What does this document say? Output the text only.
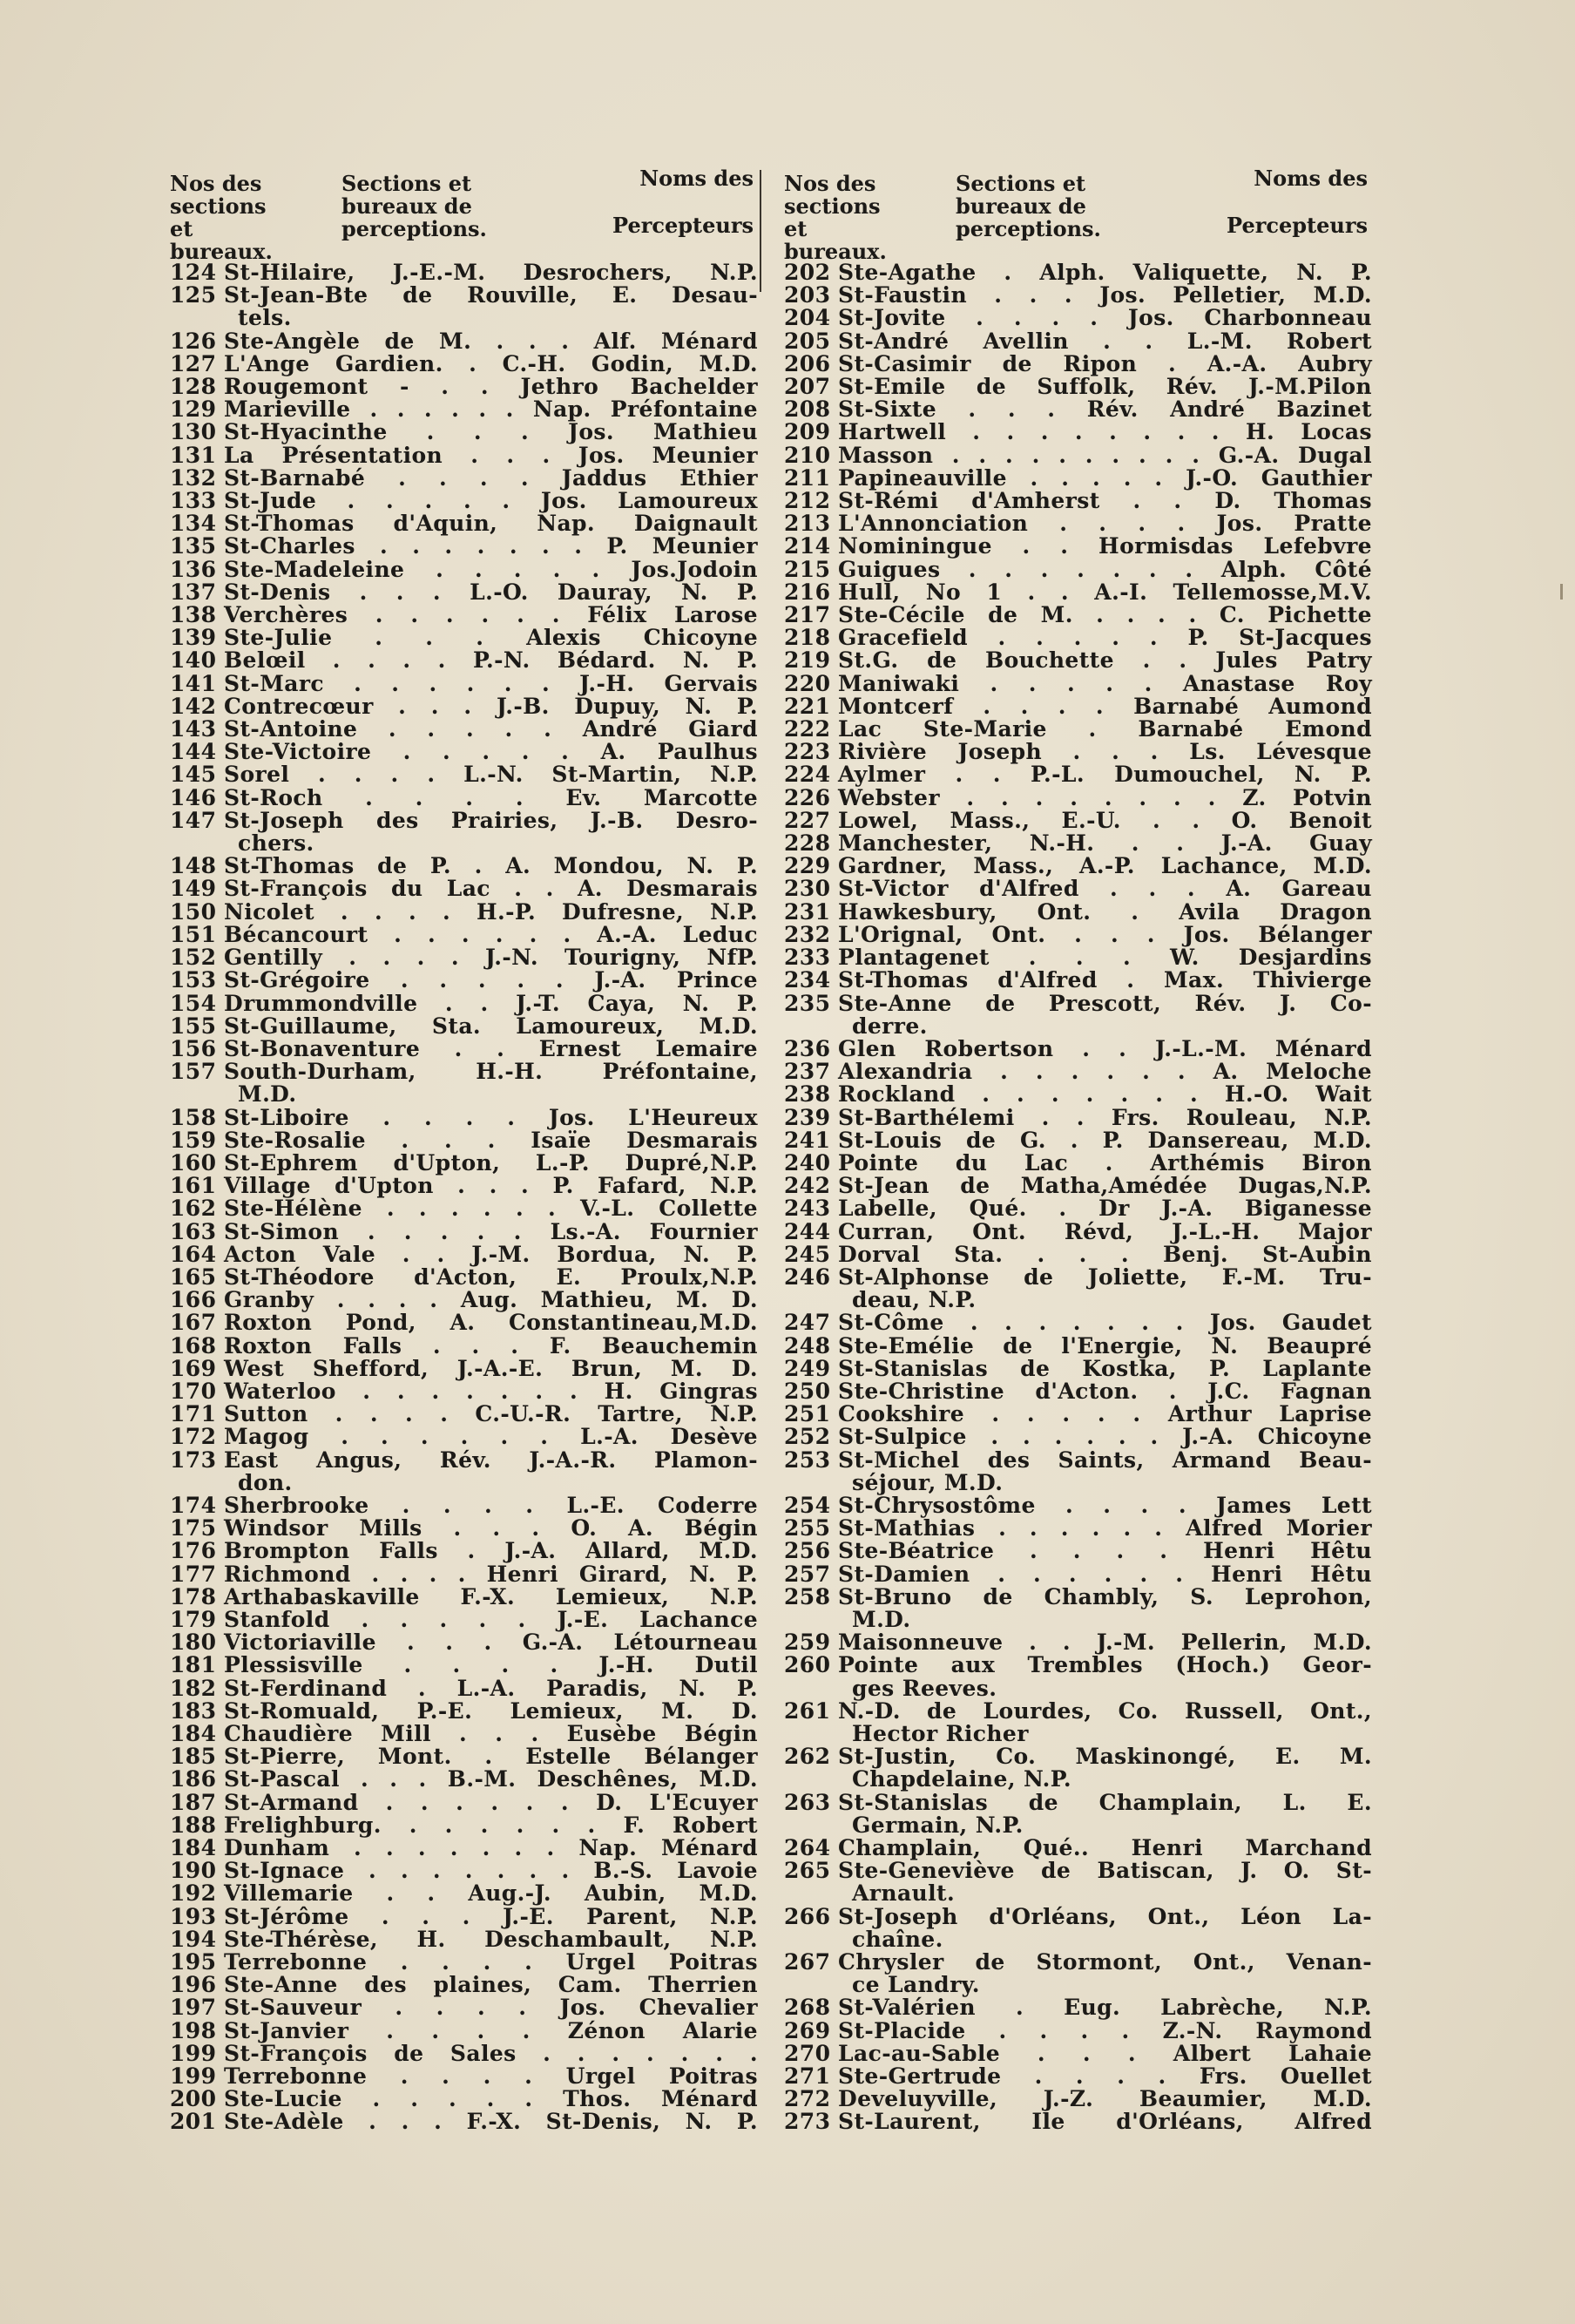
Nos des sections et bureaux.
Sections et bureaux de perceptions.
Noms des
Percepteurs
124 St-Hilaire, J.-E.-M. Desrochers, N.P.
125 St-Jean-Bte de Rouville, E. Desau-
tels.
126 Ste-Angèle de M. . . . Alf. Ménard
127 L'Ange Gardien. . C.-H. Godin, M.D.
128 Rougemont - . . Jethro Bachelder
129 Marieville . . . . . . Nap. Préfontaine
130 St-Hyacinthe . . . Jos. Mathieu
131 La Présentation . . . Jos. Meunier
132 St-Barnabé . . . . Jaddus Ethier
133 St-Jude . . . . . Jos. Lamoureux
134 St-Thomas d'Aquin, Nap. Daignault
135 St-Charles . . . . . . . P. Meunier
136 Ste-Madeleine . . . . . Jos.Jodoin
137 St-Denis . . . L.-O. Dauray, N. P.
138 Verchères . . . . . . Félix Larose
139 Ste-Julie . . . Alexis Chicoyne
140 Belœil . . . . P.-N. Bédard. N. P.
141 St-Marc . . . . . . J.-H. Gervais
142 Contrecœur . . . J.-B. Dupuy, N. P.
143 St-Antoine . . . . . André Giard
144 Ste-Victoire . . . . . A. Paulhus
145 Sorel . . . . L.-N. St-Martin, N.P.
146 St-Roch . . . . Ev. Marcotte
147 St-Joseph des Prairies, J.-B. Desro-
chers.
148 St-Thomas de P. . A. Mondou, N. P.
149 St-François du Lac . . A. Desmarais
150 Nicolet . . . . H.-P. Dufresne, N.P.
151 Bécancourt . . . . . . A.-A. Leduc
152 Gentilly . . . . J.-N. Tourigny, NfP.
153 St-Grégoire . . . . . J.-A. Prince
154 Drummondville . . J.-T. Caya, N. P.
155 St-Guillaume, Sta. Lamoureux, M.D.
156 St-Bonaventure . . Ernest Lemaire
157 South-Durham, H.-H. Préfontaine,
M.D.
158 St-Liboire . . . . Jos. L'Heureux
159 Ste-Rosalie . . . Isaïe Desmarais
160 St-Ephrem d'Upton, L.-P. Dupré,N.P.
161 Village d'Upton . . . P. Fafard, N.P.
162 Ste-Hélène . . . . . . V.-L. Collette
163 St-Simon . . . . . Ls.-A. Fournier
164 Acton Vale . . J.-M. Bordua, N. P.
165 St-Théodore d'Acton, E. Proulx,N.P.
166 Granby . . . . Aug. Mathieu, M. D.
167 Roxton Pond, A. Constantineau,M.D.
168 Roxton Falls . . . F. Beauchemin
169 West Shefford, J.-A.-E. Brun, M. D.
170 Waterloo . . . . . . . H. Gingras
171 Sutton . . . . C.-U.-R. Tartre, N.P.
172 Magog . . . . . . L.-A. Desève
173 East Angus, Rév. J.-A.-R. Plamon-
don.
174 Sherbrooke . . . . L.-E. Coderre
175 Windsor Mills . . . O. A. Bégin
176 Brompton Falls . J.-A. Allard, M.D.
177 Richmond . . . . Henri Girard, N. P.
178 Arthabaskaville F.-X. Lemieux, N.P.
179 Stanfold . . . . . J.-E. Lachance
180 Victoriaville . . . G.-A. Létourneau
181 Plessisville . . . . J.-H. Dutil
182 St-Ferdinand . L.-A. Paradis, N. P.
183 St-Romuald, P.-E. Lemieux, M. D.
184 Chaudière Mill . . . Eusèbe Bégin
185 St-Pierre, Mont. . Estelle Bélanger
186 St-Pascal . . . B.-M. Deschênes, M.D.
187 St-Armand . . . . . . D. L'Ecuyer
188 Frelighburg. . . . . . . F. Robert
184 Dunham . . . . . . . Nap. Ménard
190 St-Ignace . . . . . . . B.-S. Lavoie
192 Villemarie . . Aug.-J. Aubin, M.D.
193 St-Jérôme . . . J.-E. Parent, N.P.
194 Ste-Thérèse, H. Deschambault, N.P.
195 Terrebonne . . . . Urgel Poitras
196 Ste-Anne des plaines, Cam. Therrien
197 St-Sauveur . . . . Jos. Chevalier
198 St-Janvier . . . . Zénon Alarie
199 St-François de Sales . . . . . . .
199 Terrebonne . . . . Urgel Poitras
200 Ste-Lucie . . . . . Thos. Ménard
201 Ste-Adèle . . . F.-X. St-Denis, N. P.
Nos des sections et bureaux.
Sections et bureaux de perceptions.
Noms des
Percepteurs
202 Ste-Agathe . Alph. Valiquette, N. P.
203 St-Faustin . . . Jos. Pelletier, M.D.
204 St-Jovite . . . . Jos. Charbonneau
205 St-André Avellin . . L.-M. Robert
206 St-Casimir de Ripon . A.-A. Aubry
207 St-Emile de Suffolk, Rév. J.-M.Pilon
208 St-Sixte . . . Rév. André Bazinet
209 Hartwell . . . . . . . . H. Locas
210 Masson . . . . . . . . . . G.-A. Dugal
211 Papineauville . . . . . J.-O. Gauthier
212 St-Rémi d'Amherst . . D. Thomas
213 L'Annonciation . . . . Jos. Pratte
214 Nominingue . . Hormisdas Lefebvre
215 Guigues . . . . . . . Alph. Côté
216 Hull, No 1 . . A.-I. Tellemosse,M.V.
217 Ste-Cécile de M. . . . . C. Pichette
218 Gracefield . . . . . P. St-Jacques
219 St.G. de Bouchette . . Jules Patry
220 Maniwaki . . . . . Anastase Roy
221 Montcerf . . . . Barnabé Aumond
222 Lac Ste-Marie . Barnabé Emond
223 Rivière Joseph . . . Ls. Lévesque
224 Aylmer . . P.-L. Dumouchel, N. P.
226 Webster . . . . . . . . Z. Potvin
227 Lowel, Mass., E.-U. . . O. Benoit
228 Manchester, N.-H. . . J.-A. Guay
229 Gardner, Mass., A.-P. Lachance, M.D.
230 St-Victor d'Alfred . . . A. Gareau
231 Hawkesbury, Ont. . Avila Dragon
232 L'Orignal, Ont. . . . Jos. Bélanger
233 Plantagenet . . . W. Desjardins
234 St-Thomas d'Alfred . Max. Thivierge
235 Ste-Anne de Prescott, Rév. J. Co-
derre.
236 Glen Robertson . . J.-L.-M. Ménard
237 Alexandria . . . . . . A. Meloche
238 Rockland . . . . . . . H.-O. Wait
239 St-Barthélemi . . Frs. Rouleau, N.P.
241 St-Louis de G. . P. Dansereau, M.D.
240 Pointe du Lac . Arthémis Biron
242 St-Jean de Matha,Amédée Dugas,N.P.
243 Labelle, Qué. . Dr J.-A. Biganesse
244 Curran, Ont. Révd, J.-L.-H. Major
245 Dorval Sta. . . . Benj. St-Aubin
246 St-Alphonse de Joliette, F.-M. Tru-
deau, N.P.
247 St-Côme . . . . . . . Jos. Gaudet
248 Ste-Emélie de l'Energie, N. Beaupré
249 St-Stanislas de Kostka, P. Laplante
250 Ste-Christine d'Acton. . J.C. Fagnan
251 Cookshire . . . . . Arthur Laprise
252 St-Sulpice . . . . . . J.-A. Chicoyne
253 St-Michel des Saints, Armand Beau-
séjour, M.D.
254 St-Chrysostôme . . . . James Lett
255 St-Mathias . . . . . . Alfred Morier
256 Ste-Béatrice . . . . Henri Hêtu
257 St-Damien . . . . . . Henri Hêtu
258 St-Bruno de Chambly, S. Leprohon,
M.D.
259 Maisonneuve . . J.-M. Pellerin, M.D.
260 Pointe aux Trembles (Hoch.) Geor-
ges Reeves.
261 N.-D. de Lourdes, Co. Russell, Ont.,
Hector Richer
262 St-Justin, Co. Maskinongé, E. M.
Chapdelaine, N.P.
263 St-Stanislas de Champlain, L. E.
Germain, N.P.
264 Champlain, Qué.. Henri Marchand
265 Ste-Geneviève de Batiscan, J. O. St-
Arnault.
266 St-Joseph d'Orléans, Ont., Léon La-
chaîne.
267 Chrysler de Stormont, Ont., Venan-
ce Landry.
268 St-Valérien . Eug. Labrèche, N.P.
269 St-Placide . . . . Z.-N. Raymond
270 Lac-au-Sable . . . Albert Lahaie
271 Ste-Gertrude . . . . Frs. Ouellet
272 Develuyville, J.-Z. Beaumier, M.D.
273 St-Laurent, Ile d'Orléans, Alfred
